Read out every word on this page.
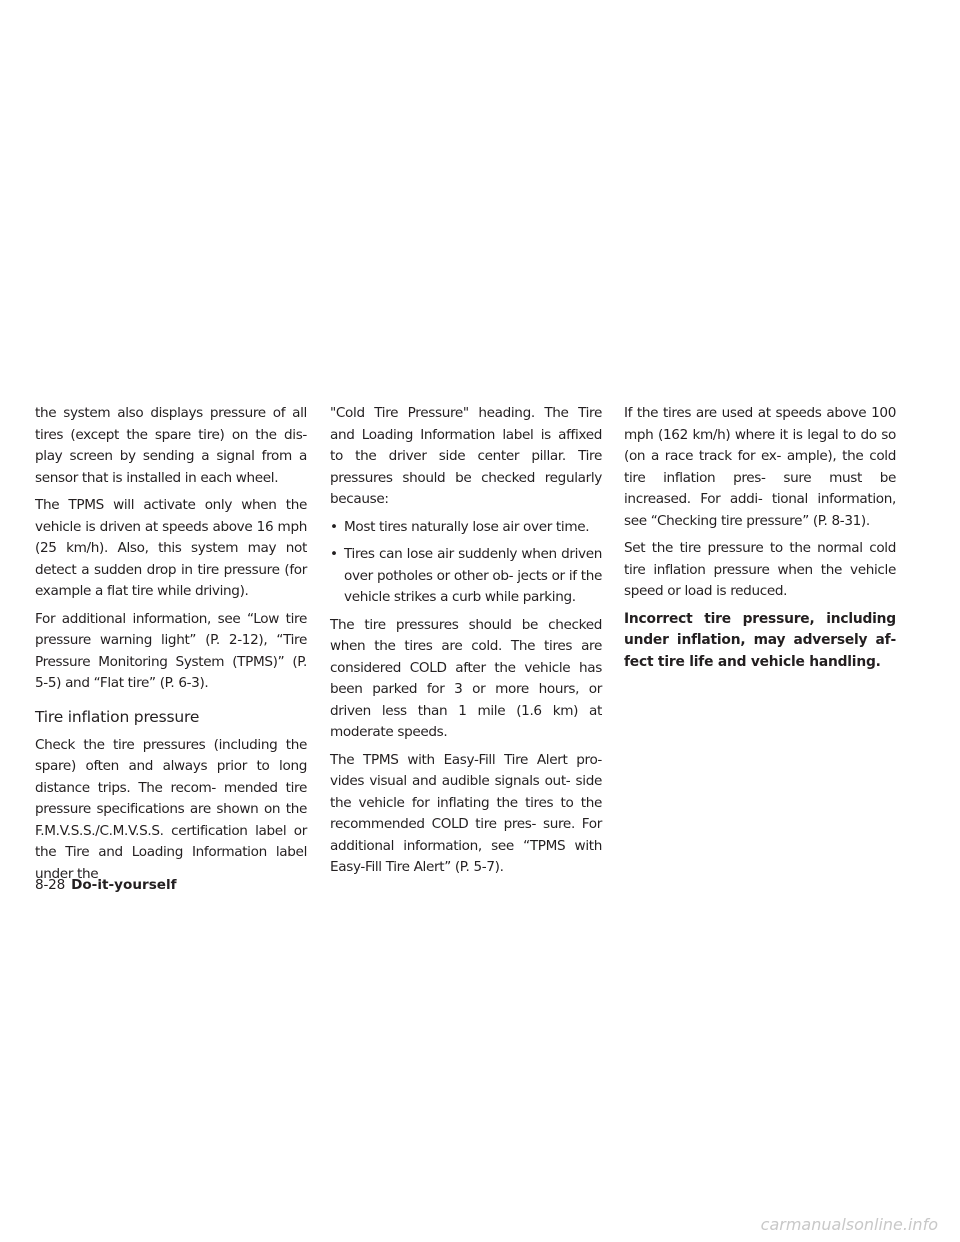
the system also displays pressure of all tires (except the spare tire) on the dis‐ play screen by sending a signal from a sensor that is installed in each wheel.

The TPMS will activate only when the vehicle is driven at speeds above 16 mph (25 km/h). Also, this system may not detect a sudden drop in tire pressure (for example a flat tire while driving).

For additional information, see “Low tire pressure warning light” (P. 2-12), “Tire Pressure Monitoring System (TPMS)” (P. 5-5) and “Flat tire” (P. 6-3).

Tire inflation pressure

Check the tire pressures (including the spare) often and always prior to long distance trips. The recom‐ mended tire pressure specifications are shown on the F.M.V.S.S./C.M.V.S.S. certification label or the Tire and Loading Information label under the

"Cold Tire Pressure" heading. The Tire and Loading Information label is affixed to the driver side center pillar. Tire pressures should be checked regularly because:

• Most tires naturally lose air over time.
• Tires can lose air suddenly when driven over potholes or other ob‐ jects or if the vehicle strikes a curb while parking.

The tire pressures should be checked when the tires are cold. The tires are considered COLD after the vehicle has been parked for 3 or more hours, or driven less than 1 mile (1.6 km) at moderate speeds.

The TPMS with Easy-Fill Tire Alert pro‐ vides visual and audible signals out‐ side the vehicle for inflating the tires to the recommended COLD tire pres‐ sure. For additional information, see “TPMS with Easy-Fill Tire Alert” (P. 5-7).

If the tires are used at speeds above 100 mph (162 km/h) where it is legal to do so (on a race track for ex‐ ample), the cold tire inflation pres‐ sure must be increased. For addi‐ tional information, see “Checking tire pressure” (P. 8-31).

Set the tire pressure to the normal cold tire inflation pressure when the vehicle speed or load is reduced.

Incorrect tire pressure, including under inflation, may adversely af‐ fect tire life and vehicle handling.

8-28 Do-it-yourself
carmanualsonline.info
